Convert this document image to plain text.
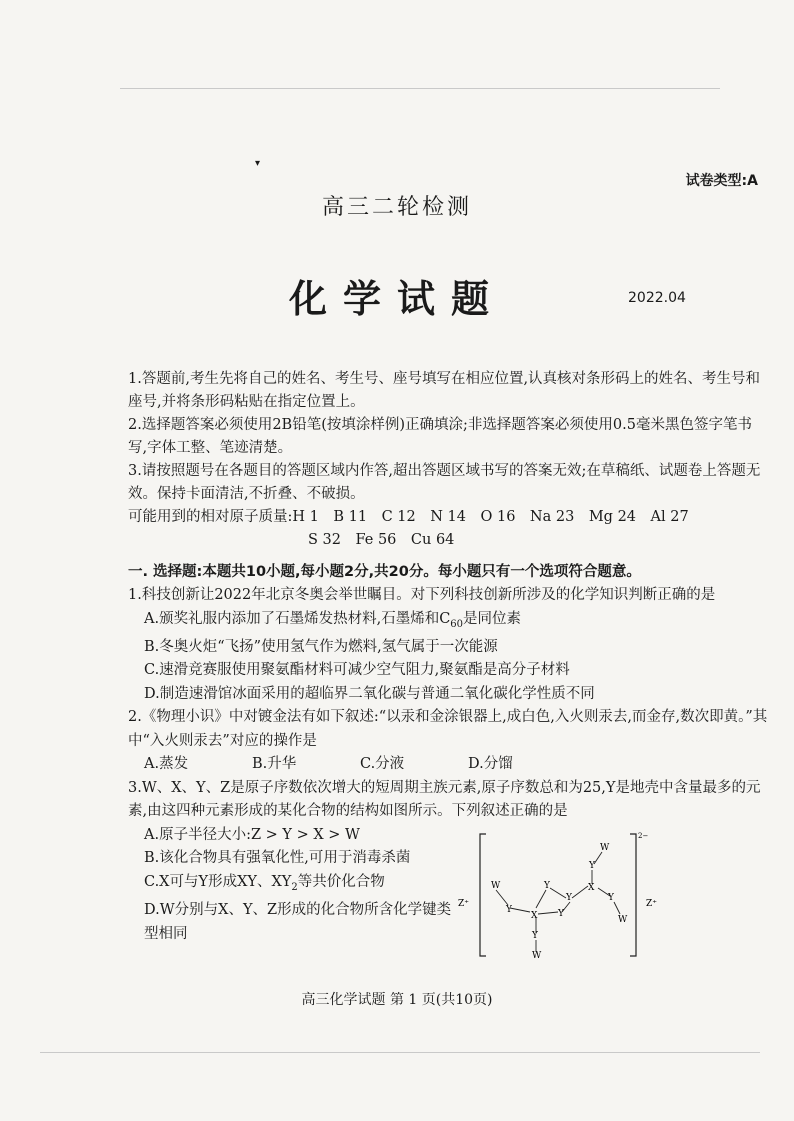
▾
试卷类型:A
高三二轮检测
化学试题	2022.04
1.答题前,考生先将自己的姓名、考生号、座号填写在相应位置,认真核对条形码上的姓名、考生号和座号,并将条形码粘贴在指定位置上。
2.选择题答案必须使用2B铅笔(按填涂样例)正确填涂;非选择题答案必须使用0.5毫米黑色签字笔书写,字体工整、笔迹清楚。
3.请按照题号在各题目的答题区域内作答,超出答题区域书写的答案无效;在草稿纸、试题卷上答题无效。保持卡面清洁,不折叠、不破损。
可能用到的相对原子质量:H 1　B 11　C 12　N 14　O 16　Na 23　Mg 24　Al 27
S 32　Fe 56　Cu 64
一. 选择题:本题共10小题,每小题2分,共20分。每小题只有一个选项符合题意。
1.科技创新让2022年北京冬奥会举世瞩目。对下列科技创新所涉及的化学知识判断正确的是
A.颁奖礼服内添加了石墨烯发热材料,石墨烯和$C_{60}$是同位素
B.冬奥火炬“飞扬”使用氢气作为燃料,氢气属于一次能源
C.速滑竞赛服使用聚氨酯材料可减少空气阻力,聚氨酯是高分子材料
D.制造速滑馆冰面采用的超临界二氧化碳与普通二氧化碳化学性质不同
2.《物理小识》中对镀金法有如下叙述:“以汞和金涂银器上,成白色,入火则汞去,而金存,数次即黄。”其中“入火则汞去”对应的操作是
A.蒸发	B.升华	C.分液	D.分馏
3.W、X、Y、Z是原子序数依次增大的短周期主族元素,原子序数总和为25,Y是地壳中含量最多的元素,由这四种元素形成的某化合物的结构如图所示。下列叙述正确的是
A.原子半径大小:Z > Y > X > W
B.该化合物具有强氧化性,可用于消毒杀菌
C.X可与Y形成XY、$XY_2$等共价化合物
D.W分别与X、Y、Z形成的化合物所含化学键类型相同
2−
Z⁺	Z⁺
W
Y
X
Y
Y
Y
X
Y
W
Y
W
Y
W
高三化学试题 第 1 页(共10页)
